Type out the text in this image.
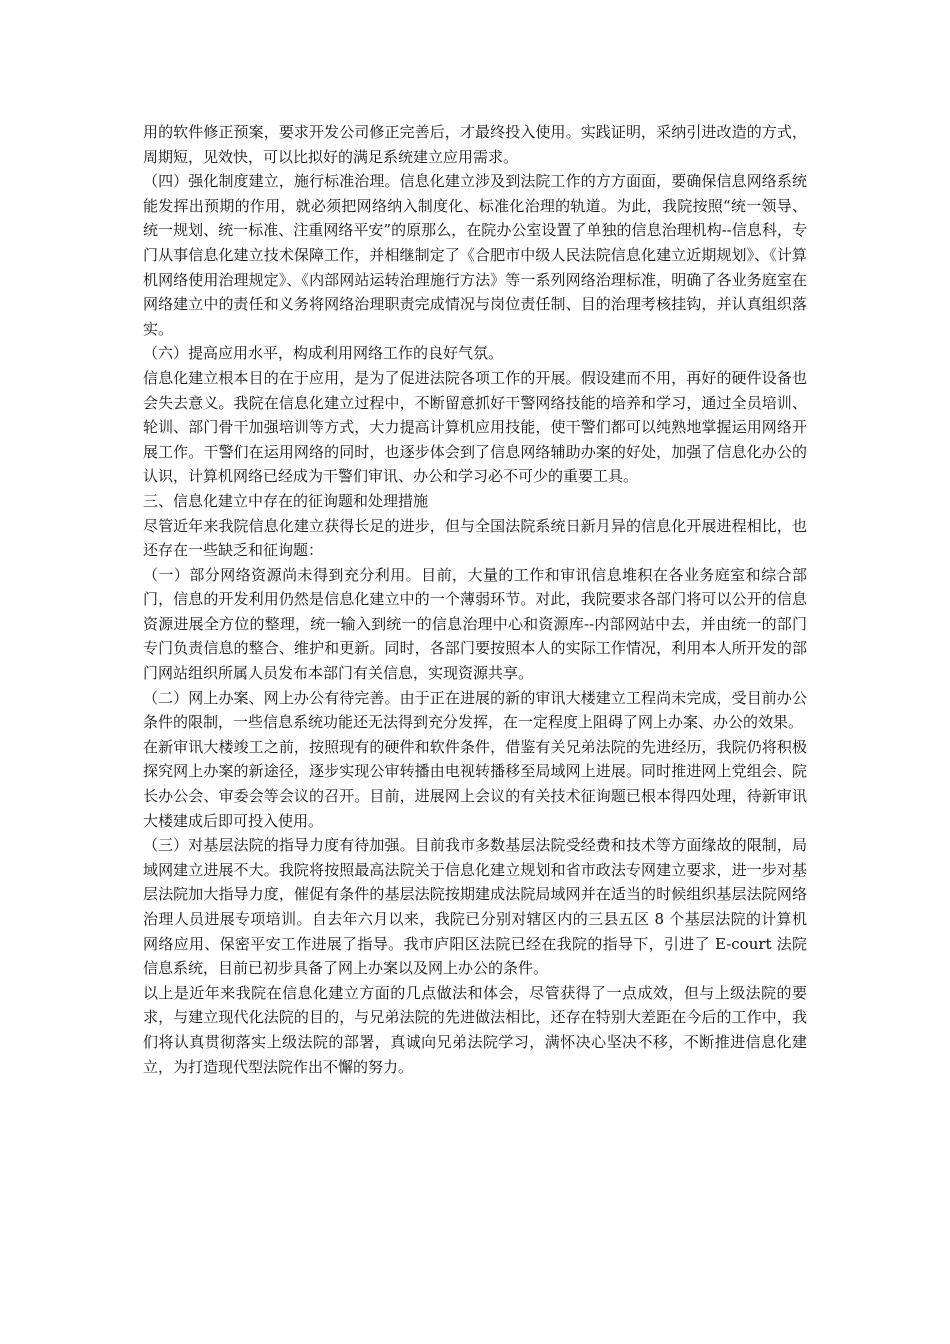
用的软件修正预案，要求开发公司修正完善后，才最终投入使用。实践证明，采纳引进改造的方式，周期短，见效快，可以比拟好的满足系统建立应用需求。

（四）强化制度建立，施行标准治理。信息化建立涉及到法院工作的方方面面，要确保信息网络系统能发挥出预期的作用，就必须把网络纳入制度化、标准化治理的轨道。为此，我院按照“统一领导、统一规划、统一标准、注重网络平安”的原那么，在院办公室设置了单独的信息治理机构--信息科，专门从事信息化建立技术保障工作，并相继制定了《合肥市中级人民法院信息化建立近期规划》、《计算机网络使用治理规定》、《内部网站运转治理施行方法》等一系列网络治理标准，明确了各业务庭室在网络建立中的责任和义务将网络治理职责完成情况与岗位责任制、目的治理考核挂钩，并认真组织落实。

（六）提高应用水平，构成利用网络工作的良好气氛。

信息化建立根本目的在于应用，是为了促进法院各项工作的开展。假设建而不用，再好的硬件设备也会失去意义。我院在信息化建立过程中，不断留意抓好干警网络技能的培养和学习，通过全员培训、轮训、部门骨干加强培训等方式，大力提高计算机应用技能，使干警们都可以纯熟地掌握运用网络开展工作。干警们在运用网络的同时，也逐步体会到了信息网络辅助办案的好处，加强了信息化办公的认识，计算机网络已经成为干警们审讯、办公和学习必不可少的重要工具。

三、信息化建立中存在的征询题和处理措施

尽管近年来我院信息化建立获得长足的进步，但与全国法院系统日新月异的信息化开展进程相比，也还存在一些缺乏和征询题：

（一）部分网络资源尚未得到充分利用。目前，大量的工作和审讯信息堆积在各业务庭室和综合部门，信息的开发利用仍然是信息化建立中的一个薄弱环节。对此，我院要求各部门将可以公开的信息资源进展全方位的整理，统一输入到统一的信息治理中心和资源库--内部网站中去，并由统一的部门专门负责信息的整合、维护和更新。同时，各部门要按照本人的实际工作情况，利用本人所开发的部门网站组织所属人员发布本部门有关信息，实现资源共享。

（二）网上办案、网上办公有待完善。由于正在进展的新的审讯大楼建立工程尚未完成，受目前办公条件的限制，一些信息系统功能还无法得到充分发挥，在一定程度上阻碍了网上办案、办公的效果。

在新审讯大楼竣工之前，按照现有的硬件和软件条件，借鉴有关兄弟法院的先进经历，我院仍将积极探究网上办案的新途径，逐步实现公审转播由电视转播移至局域网上进展。同时推进网上党组会、院长办公会、审委会等会议的召开。目前，进展网上会议的有关技术征询题已根本得四处理，待新审讯大楼建成后即可投入使用。

（三）对基层法院的指导力度有待加强。目前我市多数基层法院受经费和技术等方面缘故的限制，局域网建立进展不大。我院将按照最高法院关于信息化建立规划和省市政法专网建立要求，进一步对基层法院加大指导力度，催促有条件的基层法院按期建成法院局域网并在适当的时候组织基层法院网络治理人员进展专项培训。自去年六月以来，我院已分别对辖区内的三县五区 8 个基层法院的计算机网络应用、保密平安工作进展了指导。我市庐阳区法院已经在我院的指导下，引进了 E-court 法院信息系统，目前已初步具备了网上办案以及网上办公的条件。

以上是近年来我院在信息化建立方面的几点做法和体会，尽管获得了一点成效，但与上级法院的要求，与建立现代化法院的目的，与兄弟法院的先进做法相比，还存在特别大差距在今后的工作中，我们将认真贯彻落实上级法院的部署，真诚向兄弟法院学习，满怀决心坚决不移，不断推进信息化建立，为打造现代型法院作出不懈的努力。
